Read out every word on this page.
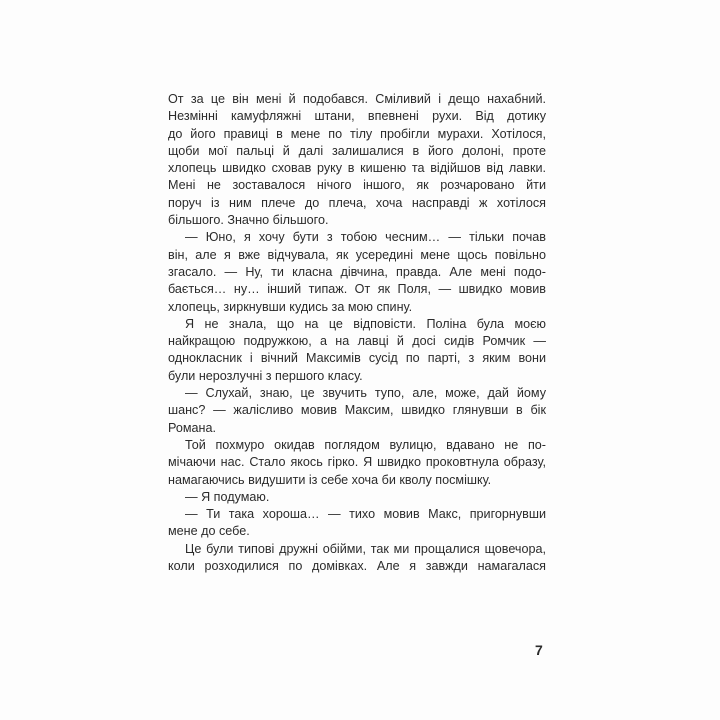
От за це він мені й подобався. Сміливий і дещо нахабний.
Незмінні камуфляжні штани, впевнені рухи. Від дотику
до його правиці в мене по тілу пробігли мурахи. Хотілося,
щоби мої пальці й далі залишалися в його долоні, проте
хлопець швидко сховав руку в кишеню та відійшов від лавки.
Мені не зоставалося нічого іншого, як розчаровано йти
поруч із ним плече до плеча, хоча насправді ж хотілося
більшого. Значно більшого.
— Юно, я хочу бути з тобою чесним… — тільки почав
він, але я вже відчувала, як усередині мене щось повільно
згасало. — Ну, ти класна дівчина, правда. Але мені подо-
бається… ну… інший типаж. От як Поля, — швидко мовив
хлопець, зиркнувши кудись за мою спину.
Я не знала, що на це відповісти. Поліна була моєю
найкращою подружкою, а на лавці й досі сидів Ромчик —
однокласник і вічний Максимів сусід по парті, з яким вони
були нерозлучні з першого класу.
— Слухай, знаю, це звучить тупо, але, може, дай йому
шанс? — жалісливо мовив Максим, швидко глянувши в бік
Романа.
Той похмуро окидав поглядом вулицю, вдавано не по-
мічаючи нас. Стало якось гірко. Я швидко проковтнула образу,
намагаючись видушити із себе хоча би кволу посмішку.
— Я подумаю.
— Ти така хороша… — тихо мовив Макс, пригорнувши
мене до себе.
Це були типові дружні обійми, так ми прощалися щовечора,
коли розходилися по домівках. Але я завжди намагалася
7
